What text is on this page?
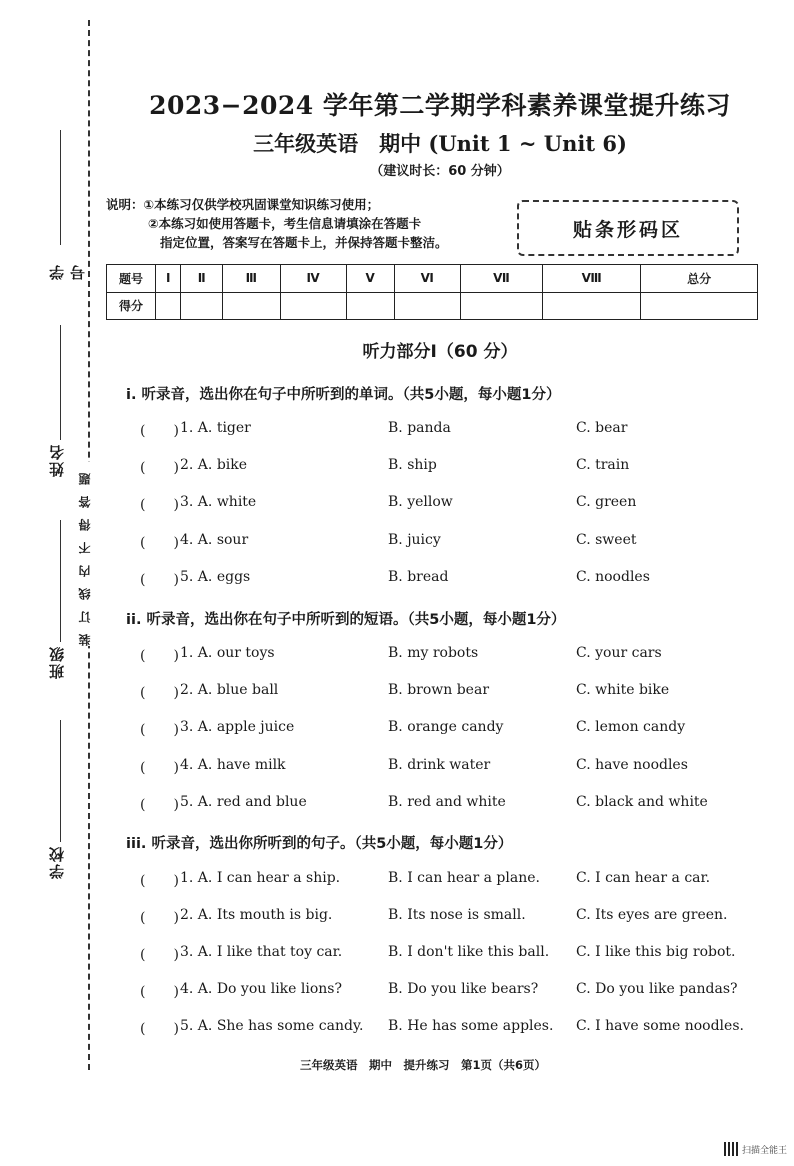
学号
姓名
班级
学校
装订线内不得答题
2023−2024 学年第二学期学科素养课堂提升练习
三年级英语　期中 (Unit 1 ~ Unit 6)
（建议时长：60 分钟）
说明：①本练习仅供学校巩固课堂知识练习使用；
②本练习如使用答题卡，考生信息请填涂在答题卡
指定位置，答案写在答题卡上，并保持答题卡整洁。
贴条形码区
题号	Ⅰ	Ⅱ	Ⅲ	Ⅳ	Ⅴ	Ⅵ	Ⅶ	Ⅷ	总分
得分									
听力部分Ⅰ（60 分）
i. 听录音，选出你在句子中所听到的单词。（共5小题，每小题1分）
(　　) 1. A. tiger	B. panda	C. bear
(　　) 2. A. bike	B. ship	C. train
(　　) 3. A. white	B. yellow	C. green
(　　) 4. A. sour	B. juicy	C. sweet
(　　) 5. A. eggs	B. bread	C. noodles
ii. 听录音，选出你在句子中所听到的短语。（共5小题，每小题1分）
(　　) 1. A. our toys	B. my robots	C. your cars
(　　) 2. A. blue ball	B. brown bear	C. white bike
(　　) 3. A. apple juice	B. orange candy	C. lemon candy
(　　) 4. A. have milk	B. drink water	C. have noodles
(　　) 5. A. red and blue	B. red and white	C. black and white
iii. 听录音，选出你所听到的句子。（共5小题，每小题1分）
(　　) 1. A. I can hear a ship.	B. I can hear a plane.	C. I can hear a car.
(　　) 2. A. Its mouth is big.	B. Its nose is small.	C. Its eyes are green.
(　　) 3. A. I like that toy car.	B. I don't like this ball. C. I like this big robot.
(　　) 4. A. Do you like lions?	B. Do you like bears?	C. Do you like pandas?
(　　) 5. A. She has some candy. B. He has some apples. C. I have some noodles.
三年级英语　期中　提升练习　第1页（共6页）
扫描全能王
